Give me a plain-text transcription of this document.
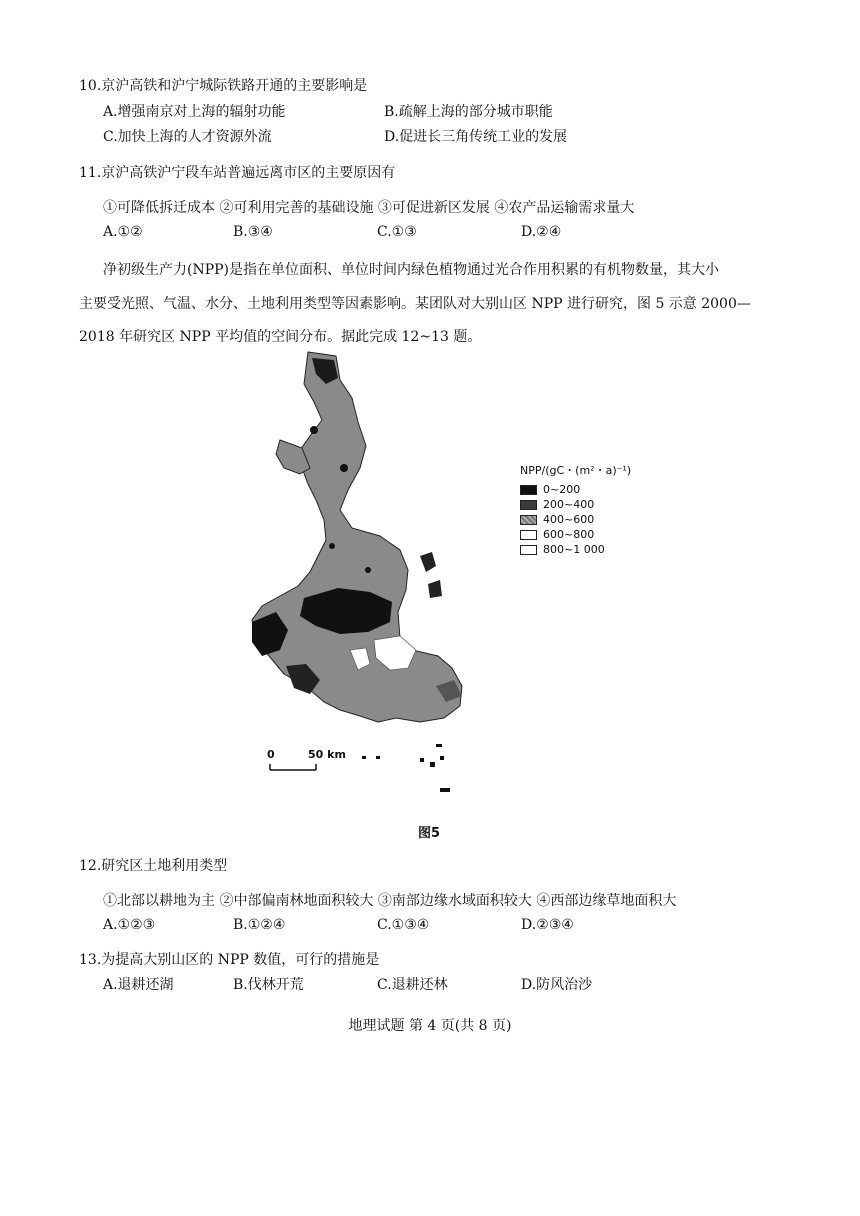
10.京沪高铁和沪宁城际铁路开通的主要影响是
A.增强南京对上海的辐射功能	B.疏解上海的部分城市职能
C.加快上海的人才资源外流	D.促进长三角传统工业的发展
11.京沪高铁沪宁段车站普遍远离市区的主要原因有
①可降低拆迁成本 ②可利用完善的基础设施 ③可促进新区发展 ④农产品运输需求量大
A.①②	B.③④	C.①③	D.②④
净初级生产力(NPP)是指在单位面积、单位时间内绿色植物通过光合作用积累的有机物数量，其大小
主要受光照、气温、水分、土地利用类型等因素影响。某团队对大别山区 NPP 进行研究，图 5 示意 2000—
2018 年研究区 NPP 平均值的空间分布。据此完成 12~13 题。
0	50 km
NPP/(gC・(m²・a)⁻¹)
0~200
200~400
400~600
600~800
800~1 000
图5
12.研究区土地利用类型
①北部以耕地为主 ②中部偏南林地面积较大 ③南部边缘水域面积较大 ④西部边缘草地面积大
A.①②③	B.①②④	C.①③④	D.②③④
13.为提高大别山区的 NPP 数值，可行的措施是
A.退耕还湖	B.伐林开荒	C.退耕还林	D.防风治沙
地理试题 第 4 页(共 8 页)
